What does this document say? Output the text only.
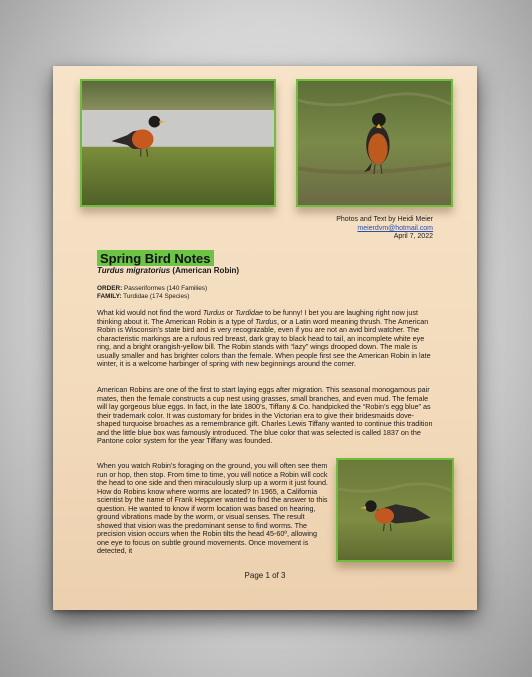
Photos and Text by Heidi Meier
meierdvm@hotmail.com
April 7, 2022
Spring Bird Notes
Turdus migratorius (American Robin)
ORDER: Passeriformes (140 Families)
FAMILY: Turdidae (174 Species)

What kid would not find the word Turdus or Turdidae to be funny! I bet you are laughing right now just thinking about it. The American Robin is a type of Turdus, or a Latin word meaning thrush. The American Robin is Wisconsin’s state bird and is very recognizable, even if you are not an avid bird watcher. The characteristic markings are a rufous red breast, dark gray to black head to tail, an incomplete white eye ring, and a bright orangish-yellow bill. The Robin stands with “lazy” wings drooped down. The male is usually smaller and has brighter colors than the female. When people first see the American Robin in late winter, it is a welcome harbinger of spring with new beginnings around the corner.

American Robins are one of the first to start laying eggs after migration. This seasonal monogamous pair mates, then the female constructs a cup nest using grasses, small branches, and even mud. The female will lay gorgeous blue eggs. In fact, in the late 1800’s, Tiffany & Co. handpicked the “Robin’s egg blue” as their trademark color. It was customary for brides in the Victorian era to give their bridesmaids dove-shaped turquoise broaches as a remembrance gift. Charles Lewis Tiffany wanted to continue this tradition and the little blue box was famously introduced. The blue color that was selected is called 1837 on the Pantone color system for the year Tiffany was founded.

When you watch Robin’s foraging on the ground, you will often see them run or hop, then stop. From time to time, you will notice a Robin will cock the head to one side and then miraculously slurp up a worm it just found. How do Robins know where worms are located? In 1965, a California scientist by the name of Frank Heppner wanted to find the answer to this question. He wanted to know if worm location was based on hearing, ground vibrations made by the worm, or visual senses. The result showed that vision was the predominant sense to find worms. The precision vision occurs when the Robin tilts the head 45-60º, allowing one eye to focus on subtle ground movements. Once movement is detected, it

Page 1 of 3
